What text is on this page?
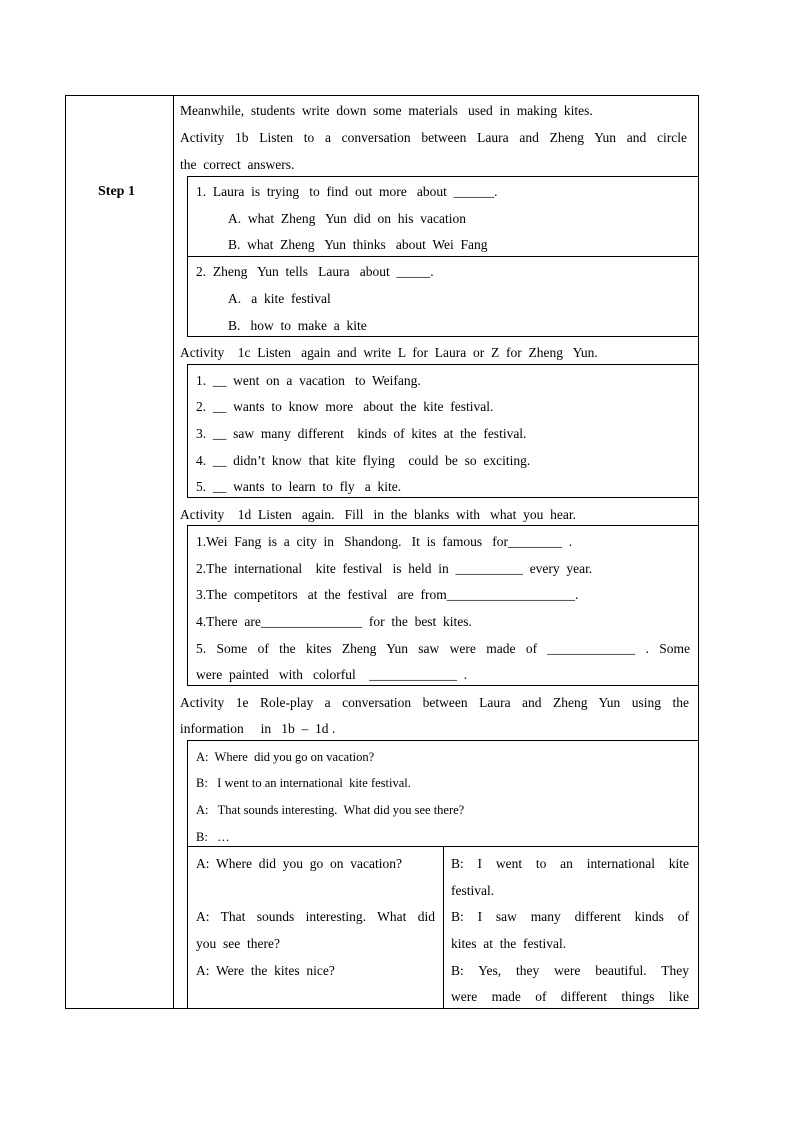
Step 1
Meanwhile,  students  write  down  some  materials   used  in  making  kites.
Activity 1b Listen to a conversation between Laura and Zheng Yun and circle
the  correct  answers.
1.  Laura  is  trying   to  find  out  more   about  ______.
A.  what  Zheng   Yun  did  on  his  vacation
B.  what  Zheng   Yun  thinks   about  Wei  Fang
2.  Zheng   Yun  tells   Laura   about  _____.
A.   a  kite  festival
B.   how  to  make  a  kite
Activity    1c  Listen   again  and  write  L  for  Laura  or  Z  for  Zheng   Yun.
1.  __  went  on  a  vacation   to  Weifang.
2.  __  wants  to  know  more   about  the  kite  festival.
3.  __  saw  many  different    kinds  of  kites  at  the  festival.
4.  __  didn’t  know  that  kite  flying    could  be  so  exciting.
5.  __  wants  to  learn  to  fly   a  kite.
Activity    1d  Listen   again.   Fill   in  the  blanks  with   what  you  hear.
1.Wei  Fang  is  a  city  in   Shandong.   It  is  famous   for________  .
2.The  international    kite  festival   is  held  in  __________  every  year.
3.The  competitors   at  the  festival   are  from___________________.
4.There  are_______________  for  the  best  kites.
5. Some of the kites Zheng Yun saw were made of _____________ . Some
were  painted   with   colorful    _____________  .
Activity 1e Role-play a conversation between Laura and Zheng Yun using the
information     in   1b  –  1d .
A:  Where  did you go on vacation?
B:   I went to an international  kite festival.
A:   That sounds interesting.  What did you see there?
B:   …
A:  Where  did  you  go  on  vacation?
A: That sounds interesting. What did
you  see  there?
A:  Were  the  kites  nice?
B: I went to an international kite
festival.
B: I saw many different kinds of
kites  at  the  festival.
B: Yes, they were beautiful. They
were made of different things like
